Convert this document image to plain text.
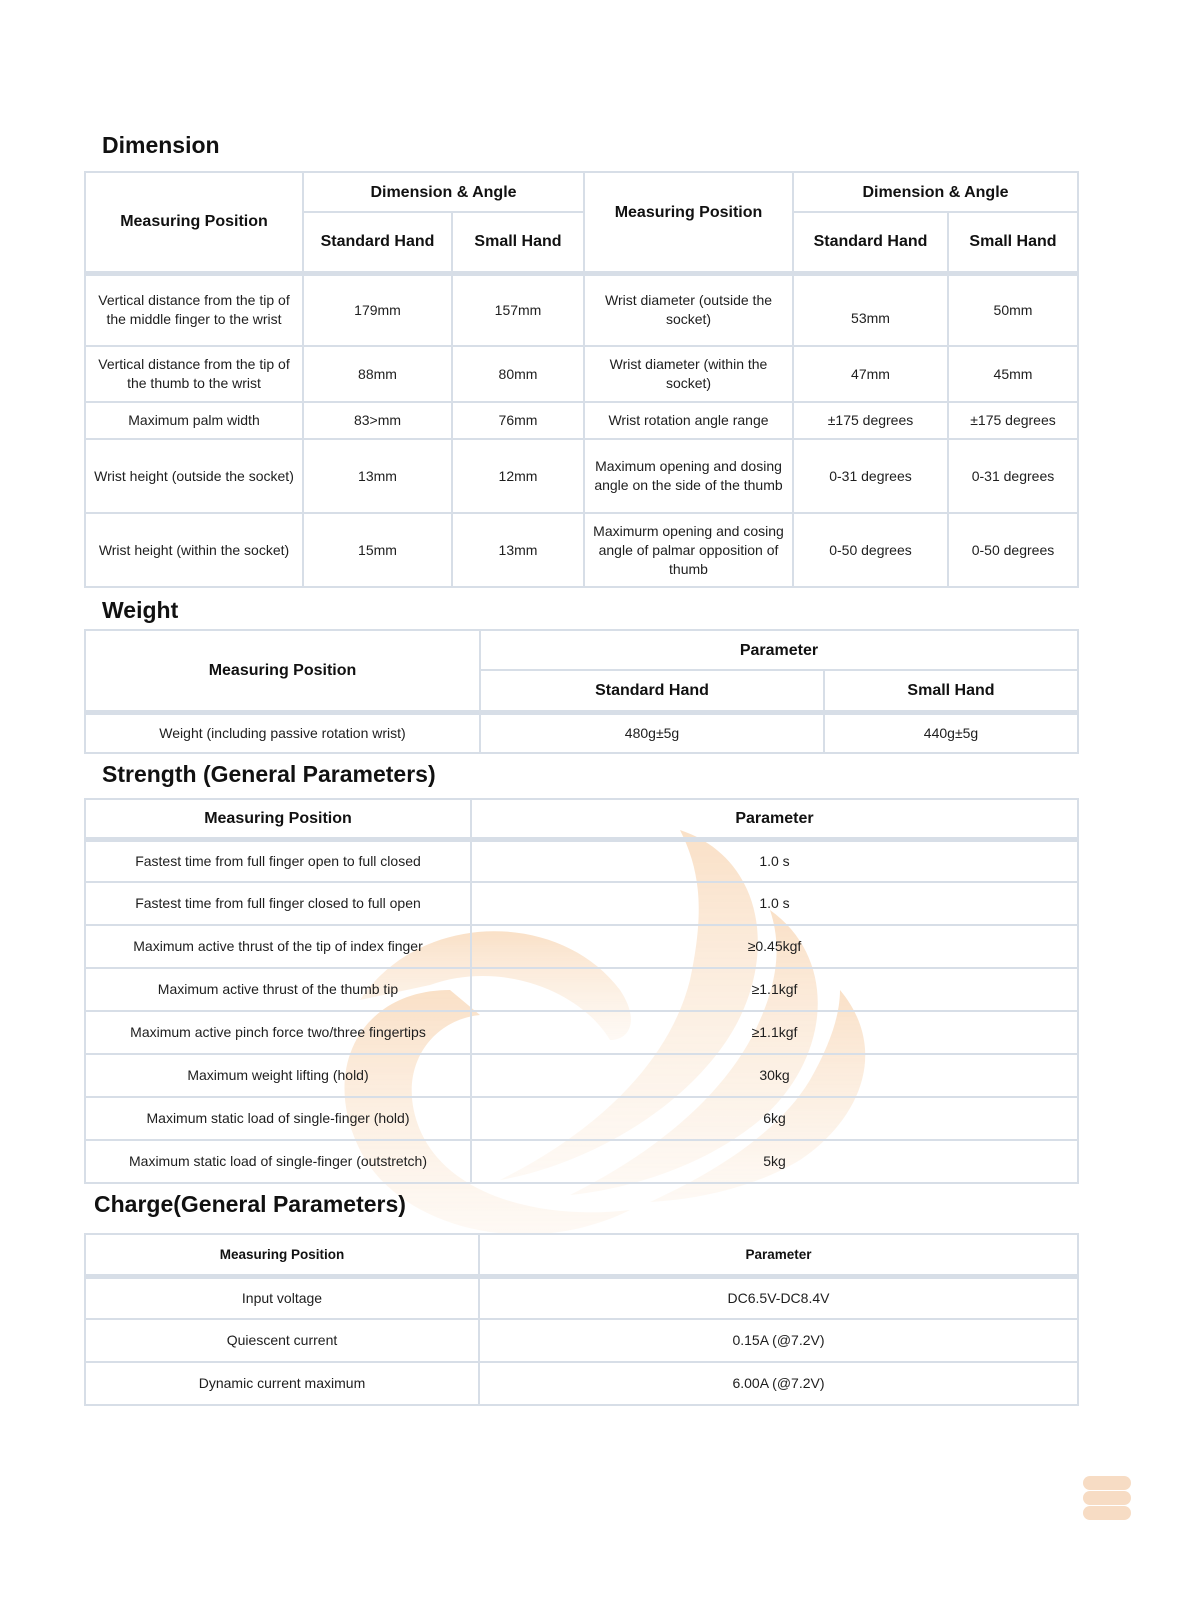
Dimension
Measuring Position	Dimension & Angle		Measuring Position	Dimension & Angle	
	Standard Hand	Small Hand		Standard Hand	Small Hand
Vertical distance from the tip of the middle finger to the wrist	179mm	157mm	Wrist diameter (outside the socket)	53mm	50mm
Vertical distance from the tip of the thumb to the wrist	88mm	80mm	Wrist diameter (within the socket)	47mm	45mm
Maximum palm width	83>mm	76mm	Wrist rotation angle range	±175 degrees	±175 degrees
Wrist height (outside the socket)	13mm	12mm	Maximum opening and dosing angle on the side of the thumb	0-31 degrees	0-31 degrees
Wrist height (within the socket)	15mm	13mm	Maximurm opening and cosing angle of palmar opposition of thumb	0-50 degrees	0-50 degrees
Weight
Measuring Position	Parameter	
	Standard Hand	Small Hand
Weight (including passive rotation wrist)	480g±5g	440g±5g
Strength (General Parameters)
Measuring Position	Parameter
Fastest time from full finger open to full closed	1.0 s
Fastest time from full finger closed to full open	1.0 s
Maximum active thrust of the tip of index finger	≥0.45kgf
Maximum active thrust of the thumb tip	≥1.1kgf
Maximum active pinch force two/three fingertips	≥1.1kgf
Maximum weight lifting (hold)	30kg
Maximum static load of single-finger (hold)	6kg
Maximum static load of single-finger (outstretch)	5kg
Charge(General Parameters)
Measuring Position	Parameter
Input voltage	DC6.5V-DC8.4V
Quiescent current	0.15A (@7.2V)
Dynamic current maximum	6.00A (@7.2V)
